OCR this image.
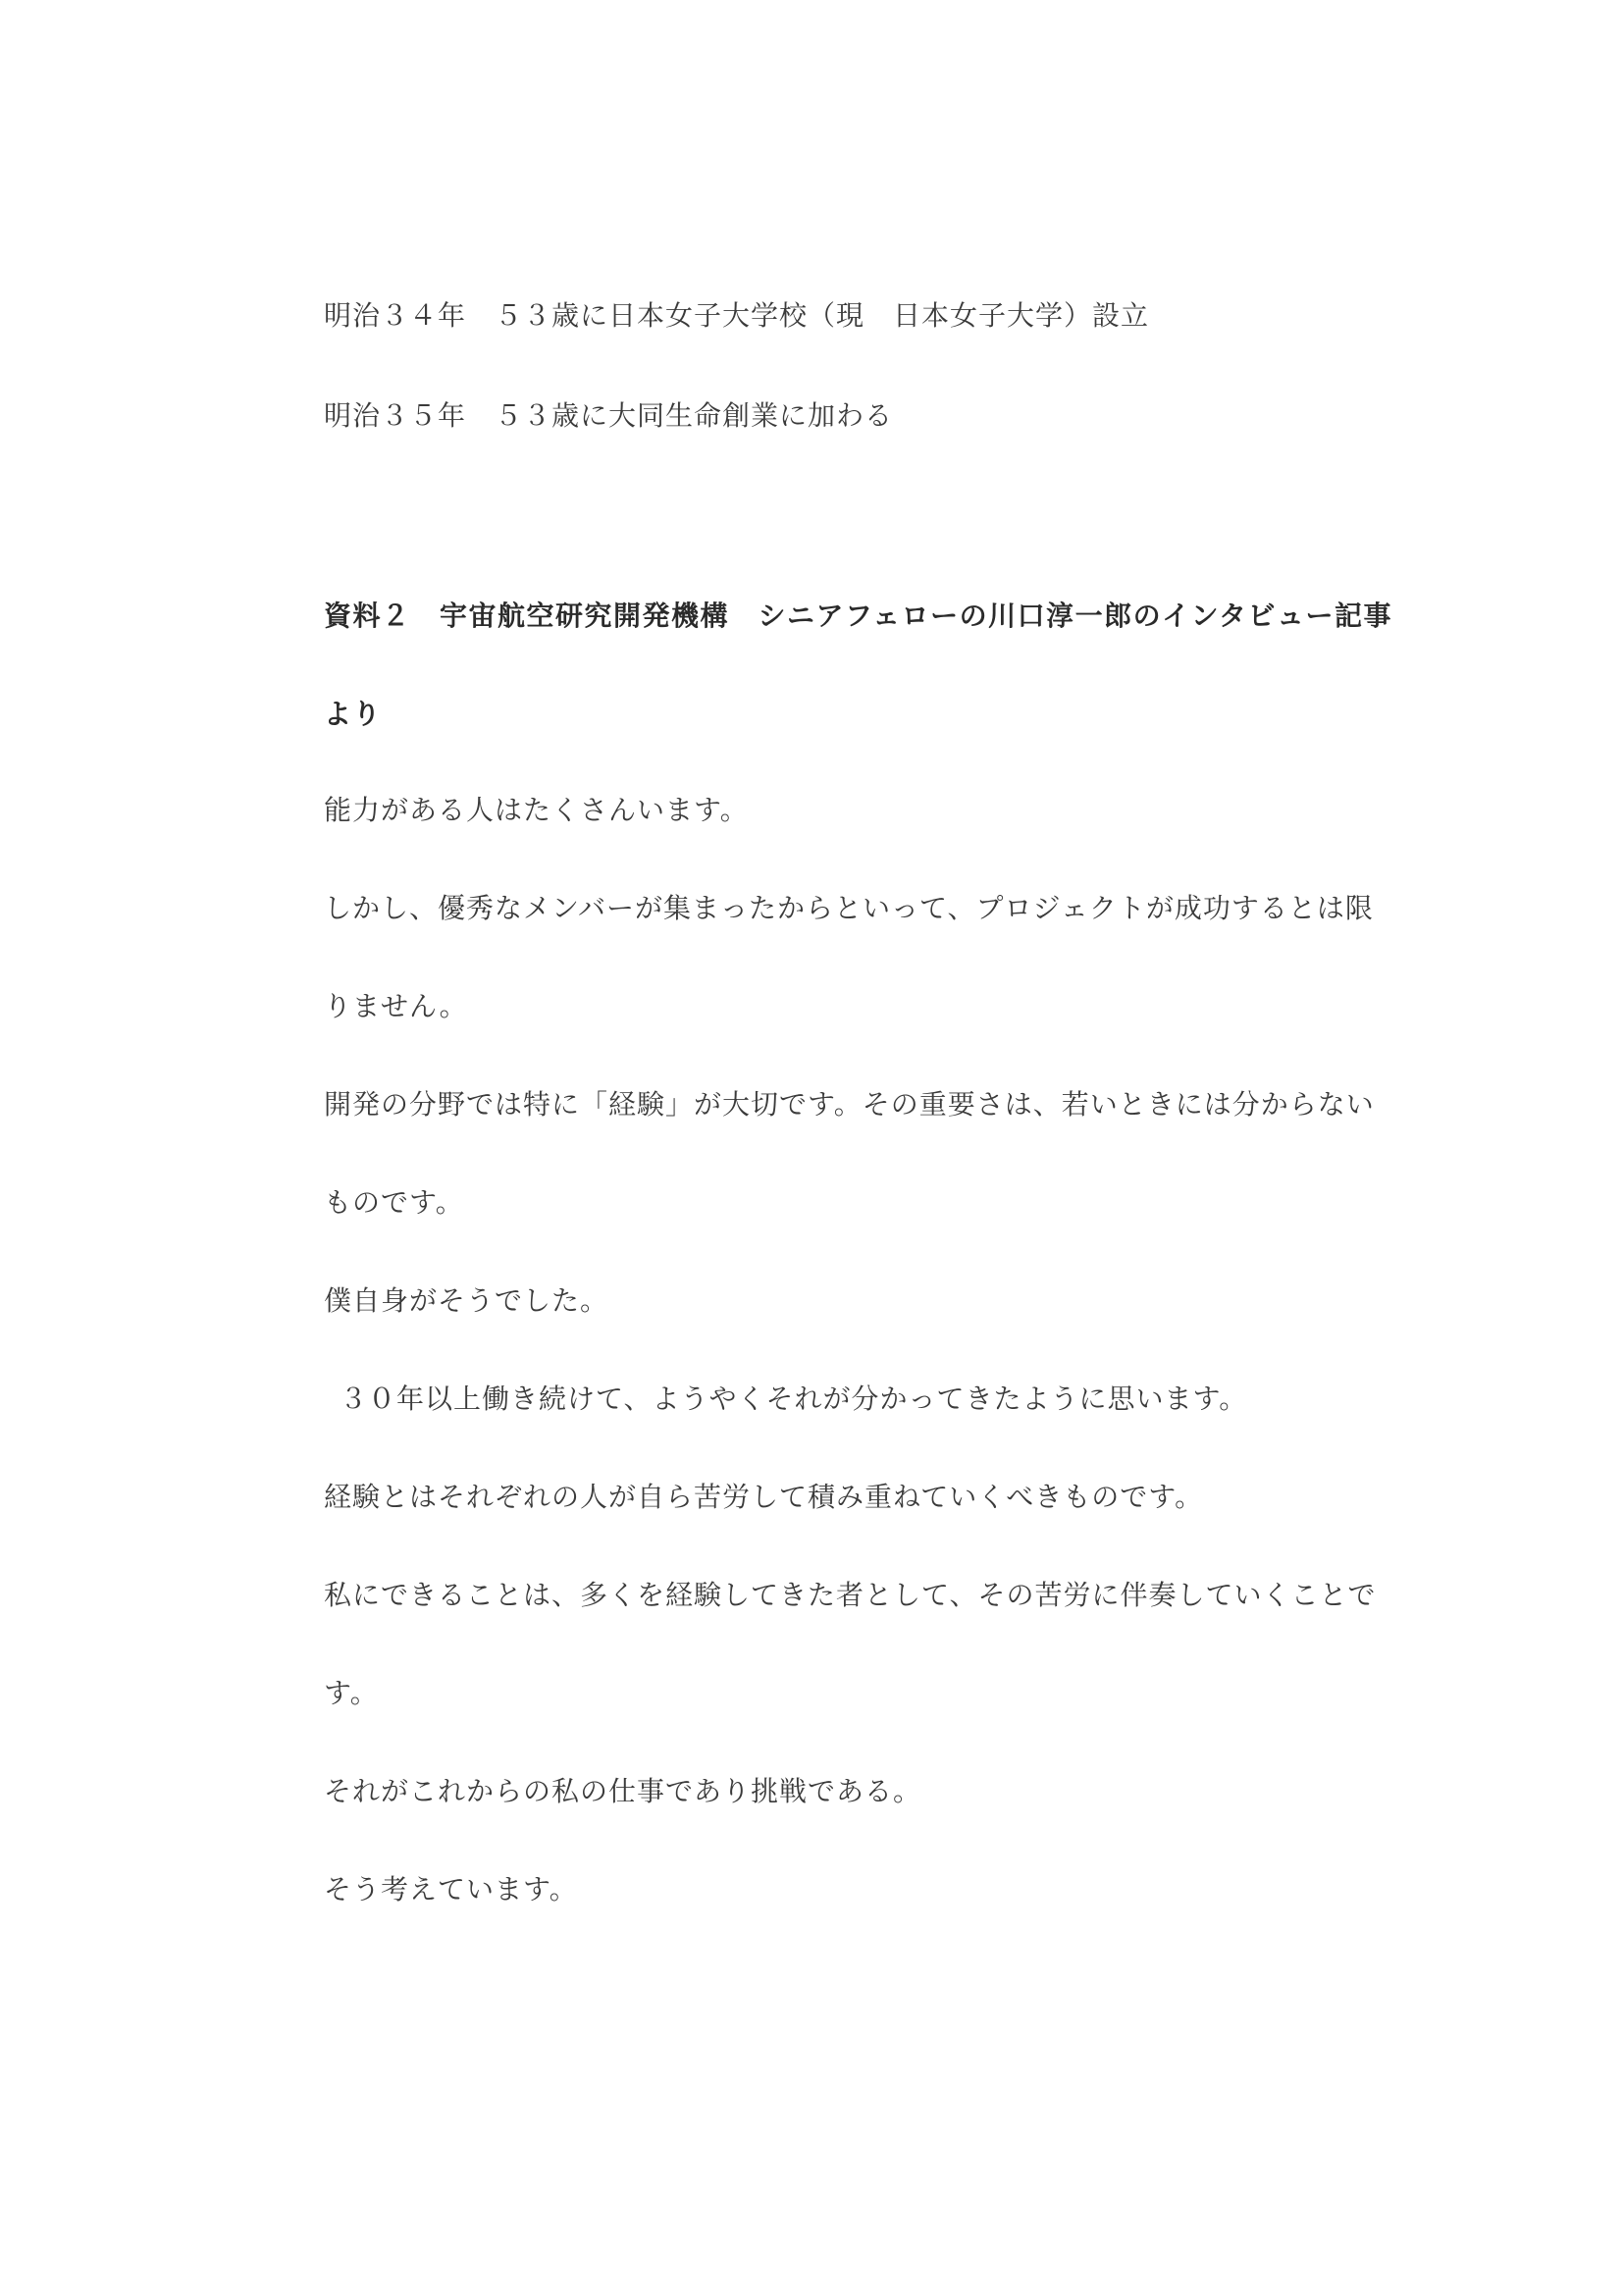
明治３４年　５３歳に日本女子大学校（現　日本女子大学）設立
明治３５年　５３歳に大同生命創業に加わる
資料２　宇宙航空研究開発機構　シニアフェローの川口淳一郎のインタビュー記事
より
能力がある人はたくさんいます。
しかし、優秀なメンバーが集まったからといって、プロジェクトが成功するとは限
りません。
開発の分野では特に「経験」が大切です。その重要さは、若いときには分からない
ものです。
僕自身がそうでした。
３０年以上働き続けて、ようやくそれが分かってきたように思います。
経験とはそれぞれの人が自ら苦労して積み重ねていくべきものです。
私にできることは、多くを経験してきた者として、その苦労に伴奏していくことで
す。
それがこれからの私の仕事であり挑戦である。
そう考えています。
